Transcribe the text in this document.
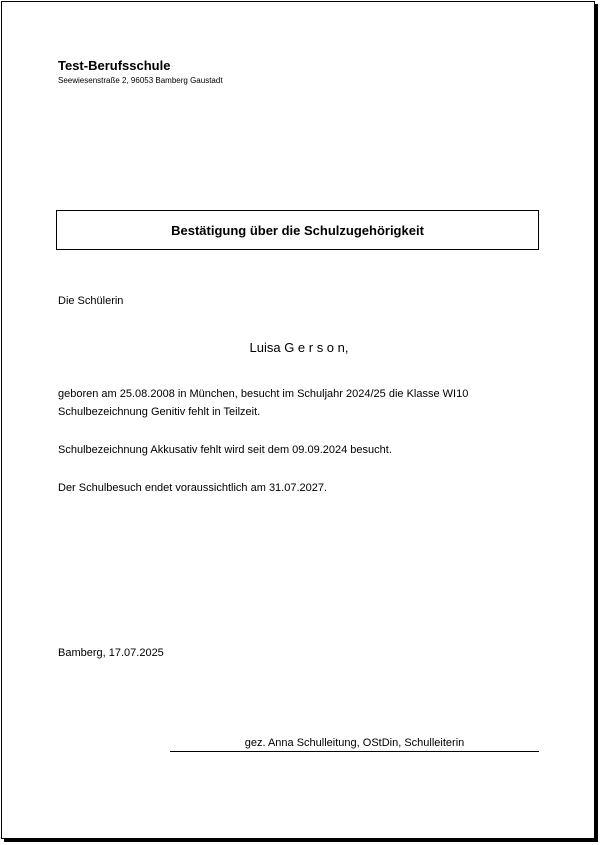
Test-Berufsschule
Seewiesenstraße 2, 96053 Bamberg Gaustadt
Bestätigung über die Schulzugehörigkeit
Die Schülerin
Luisa G e r s o n,
geboren am 25.08.2008 in München, besucht im Schuljahr 2024/25 die Klasse WI10
Schulbezeichnung Genitiv fehlt in Teilzeit.
Schulbezeichnung Akkusativ fehlt wird seit dem 09.09.2024 besucht.
Der Schulbesuch endet voraussichtlich am 31.07.2027.
Bamberg, 17.07.2025
gez. Anna Schulleitung, OStDin, Schulleiterin
